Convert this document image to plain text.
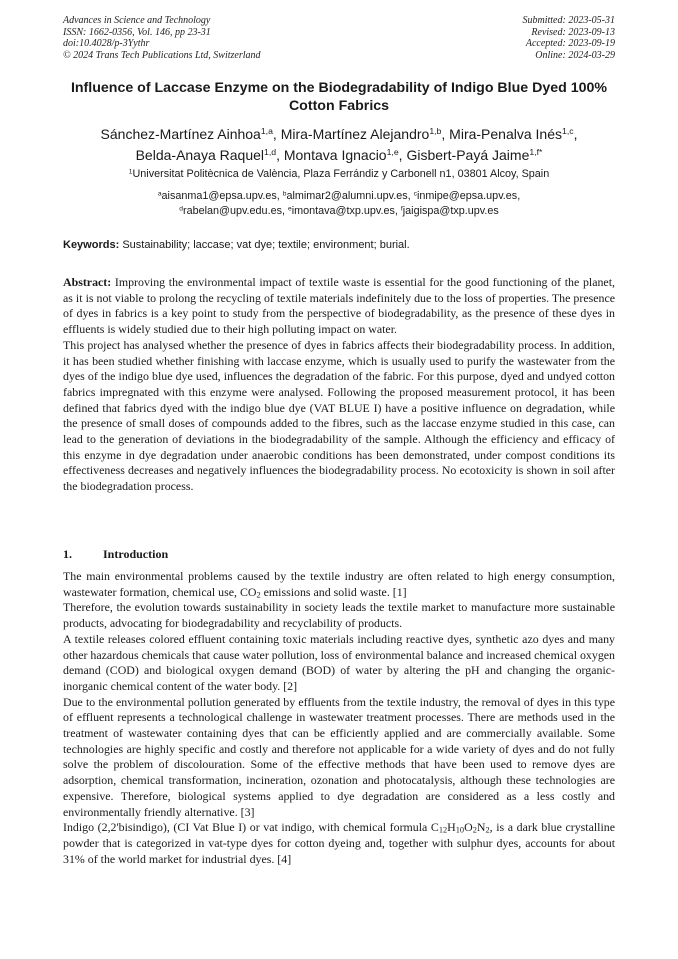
Advances in Science and Technology
ISSN: 1662-0356, Vol. 146, pp 23-31
doi:10.4028/p-3Yythr
© 2024 Trans Tech Publications Ltd, Switzerland
Submitted: 2023-05-31
Revised: 2023-09-13
Accepted: 2023-09-19
Online: 2024-03-29
Influence of Laccase Enzyme on the Biodegradability of Indigo Blue Dyed 100% Cotton Fabrics
Sánchez-Martínez Ainhoa$^{1,a}$, Mira-Martínez Alejandro$^{1,b}$, Mira-Penalva Inés$^{1,c}$,
Belda-Anaya Raquel$^{1,d}$, Montava Ignacio$^{1,e}$, Gisbert-Payá Jaime$^{1,f*}$
$^1$Universitat Politècnica de València, Plaza Ferrándiz y Carbonell n1, 03801 Alcoy, Spain
$^a$aisanma1@epsa.upv.es, $^b$almimar2@alumni.upv.es, $^c$inmipe@epsa.upv.es,
$^d$rabelan@upv.edu.es, $^e$imontava@txp.upv.es, $^f$jaigispa@txp.upv.es
Keywords: Sustainability; laccase; vat dye; textile; environment; burial.

Abstract: Improving the environmental impact of textile waste is essential for the good functioning of the planet, as it is not viable to prolong the recycling of textile materials indefinitely due to the loss of properties. The presence of dyes in fabrics is a key point to study from the perspective of biodegradability, as the presence of these dyes in effluents is widely studied due to their high polluting impact on water.

This project has analysed whether the presence of dyes in fabrics affects their biodegradability process. In addition, it has been studied whether finishing with laccase enzyme, which is usually used to purify the wastewater from the dyes of the indigo blue dye used, influences the degradation of the fabric. For this purpose, dyed and undyed cotton fabrics impregnated with this enzyme were analysed. Following the proposed measurement protocol, it has been defined that fabrics dyed with the indigo blue dye (VAT BLUE I) have a positive influence on degradation, while the presence of small doses of compounds added to the fibres, such as the laccase enzyme studied in this case, can lead to the generation of deviations in the biodegradability of the sample. Although the efficiency and efficacy of this enzyme in dye degradation under anaerobic conditions has been demonstrated, under compost conditions its effectiveness decreases and negatively influences the biodegradability process. No ecotoxicity is shown in soil after the biodegradation process.

1.	Introduction

The main environmental problems caused by the textile industry are often related to high energy consumption, wastewater formation, chemical use, $CO_2$ emissions and solid waste. [1]

Therefore, the evolution towards sustainability in society leads the textile market to manufacture more sustainable products, advocating for biodegradability and recyclability of products.

A textile releases colored effluent containing toxic materials including reactive dyes, synthetic azo dyes and many other hazardous chemicals that cause water pollution, loss of environmental balance and increased chemical oxygen demand (COD) and biological oxygen demand (BOD) of water by altering the pH and changing the organic-inorganic chemical content of the water body. [2]

Due to the environmental pollution generated by effluents from the textile industry, the removal of dyes in this type of effluent represents a technological challenge in wastewater treatment processes. There are methods used in the treatment of wastewater containing dyes that can be efficiently applied and are commercially available. Some technologies are highly specific and costly and therefore not applicable for a wide variety of dyes and do not fully solve the problem of discolouration. Some of the effective methods that have been used to remove dyes are adsorption, chemical transformation, incineration, ozonation and photocatalysis, although these technologies are expensive. Therefore, biological systems applied to dye degradation are considered as a less costly and environmentally friendly alternative. [3]

Indigo (2,2'bisindigo), (CI Vat Blue I) or vat indigo, with chemical formula $C_{12}H_{10}O_2N_2$, is a dark blue crystalline powder that is categorized in vat-type dyes for cotton dyeing and, together with sulphur dyes, accounts for about 31% of the world market for industrial dyes. [4]
